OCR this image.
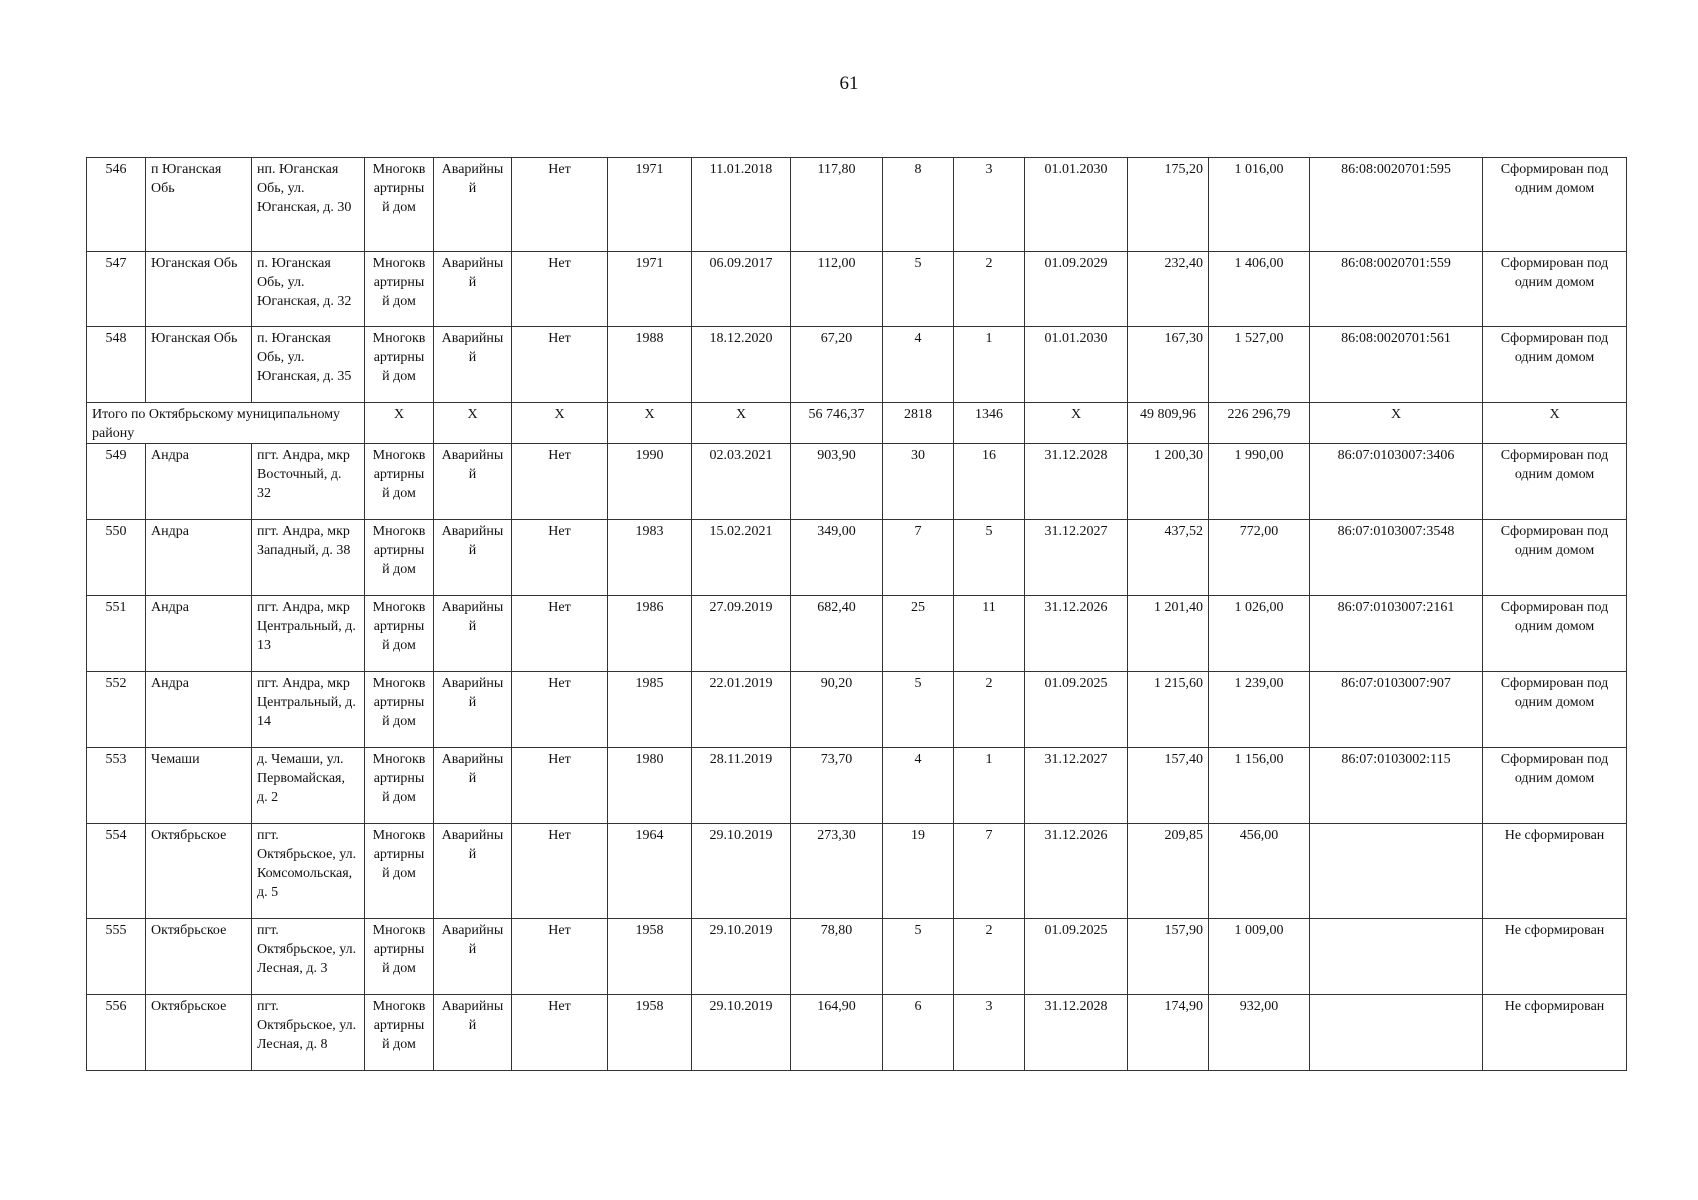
61
546	п Юганская Обь	нп. Юганская Обь, ул. Юганская, д. 30	Многоквартирный дом	Аварийный	Нет	1971	11.01.2018	117,80	8	3	01.01.2030	175,20	1 016,00	86:08:0020701:595	Сформирован под одним домом
547	Юганская Обь	п. Юганская Обь, ул. Юганская, д. 32	Многоквартирный дом	Аварийный	Нет	1971	06.09.2017	112,00	5	2	01.09.2029	232,40	1 406,00	86:08:0020701:559	Сформирован под одним домом
548	Юганская Обь	п. Юганская Обь, ул. Юганская, д. 35	Многоквартирный дом	Аварийный	Нет	1988	18.12.2020	67,20	4	1	01.01.2030	167,30	1 527,00	86:08:0020701:561	Сформирован под одним домом
Итого по Октябрьскому муниципальному району			X	X	X	X	X	56 746,37	2818	1346	X	49 809,96	226 296,79	X	X
549	Андра	пгт. Андра, мкр Восточный, д. 32	Многоквартирный дом	Аварийный	Нет	1990	02.03.2021	903,90	30	16	31.12.2028	1 200,30	1 990,00	86:07:0103007:3406	Сформирован под одним домом
550	Андра	пгт. Андра, мкр Западный, д. 38	Многоквартирный дом	Аварийный	Нет	1983	15.02.2021	349,00	7	5	31.12.2027	437,52	772,00	86:07:0103007:3548	Сформирован под одним домом
551	Андра	пгт. Андра, мкр Центральный, д. 13	Многоквартирный дом	Аварийный	Нет	1986	27.09.2019	682,40	25	11	31.12.2026	1 201,40	1 026,00	86:07:0103007:2161	Сформирован под одним домом
552	Андра	пгт. Андра, мкр Центральный, д. 14	Многоквартирный дом	Аварийный	Нет	1985	22.01.2019	90,20	5	2	01.09.2025	1 215,60	1 239,00	86:07:0103007:907	Сформирован под одним домом
553	Чемаши	д. Чемаши, ул. Первомайская, д. 2	Многоквартирный дом	Аварийный	Нет	1980	28.11.2019	73,70	4	1	31.12.2027	157,40	1 156,00	86:07:0103002:115	Сформирован под одним домом
554	Октябрьское	пгт. Октябрьское, ул. Комсомольская, д. 5	Многоквартирный дом	Аварийный	Нет	1964	29.10.2019	273,30	19	7	31.12.2026	209,85	456,00		Не сформирован
555	Октябрьское	пгт. Октябрьское, ул. Лесная, д. 3	Многоквартирный дом	Аварийный	Нет	1958	29.10.2019	78,80	5	2	01.09.2025	157,90	1 009,00		Не сформирован
556	Октябрьское	пгт. Октябрьское, ул. Лесная, д. 8	Многоквартирный дом	Аварийный	Нет	1958	29.10.2019	164,90	6	3	31.12.2028	174,90	932,00		Не сформирован
